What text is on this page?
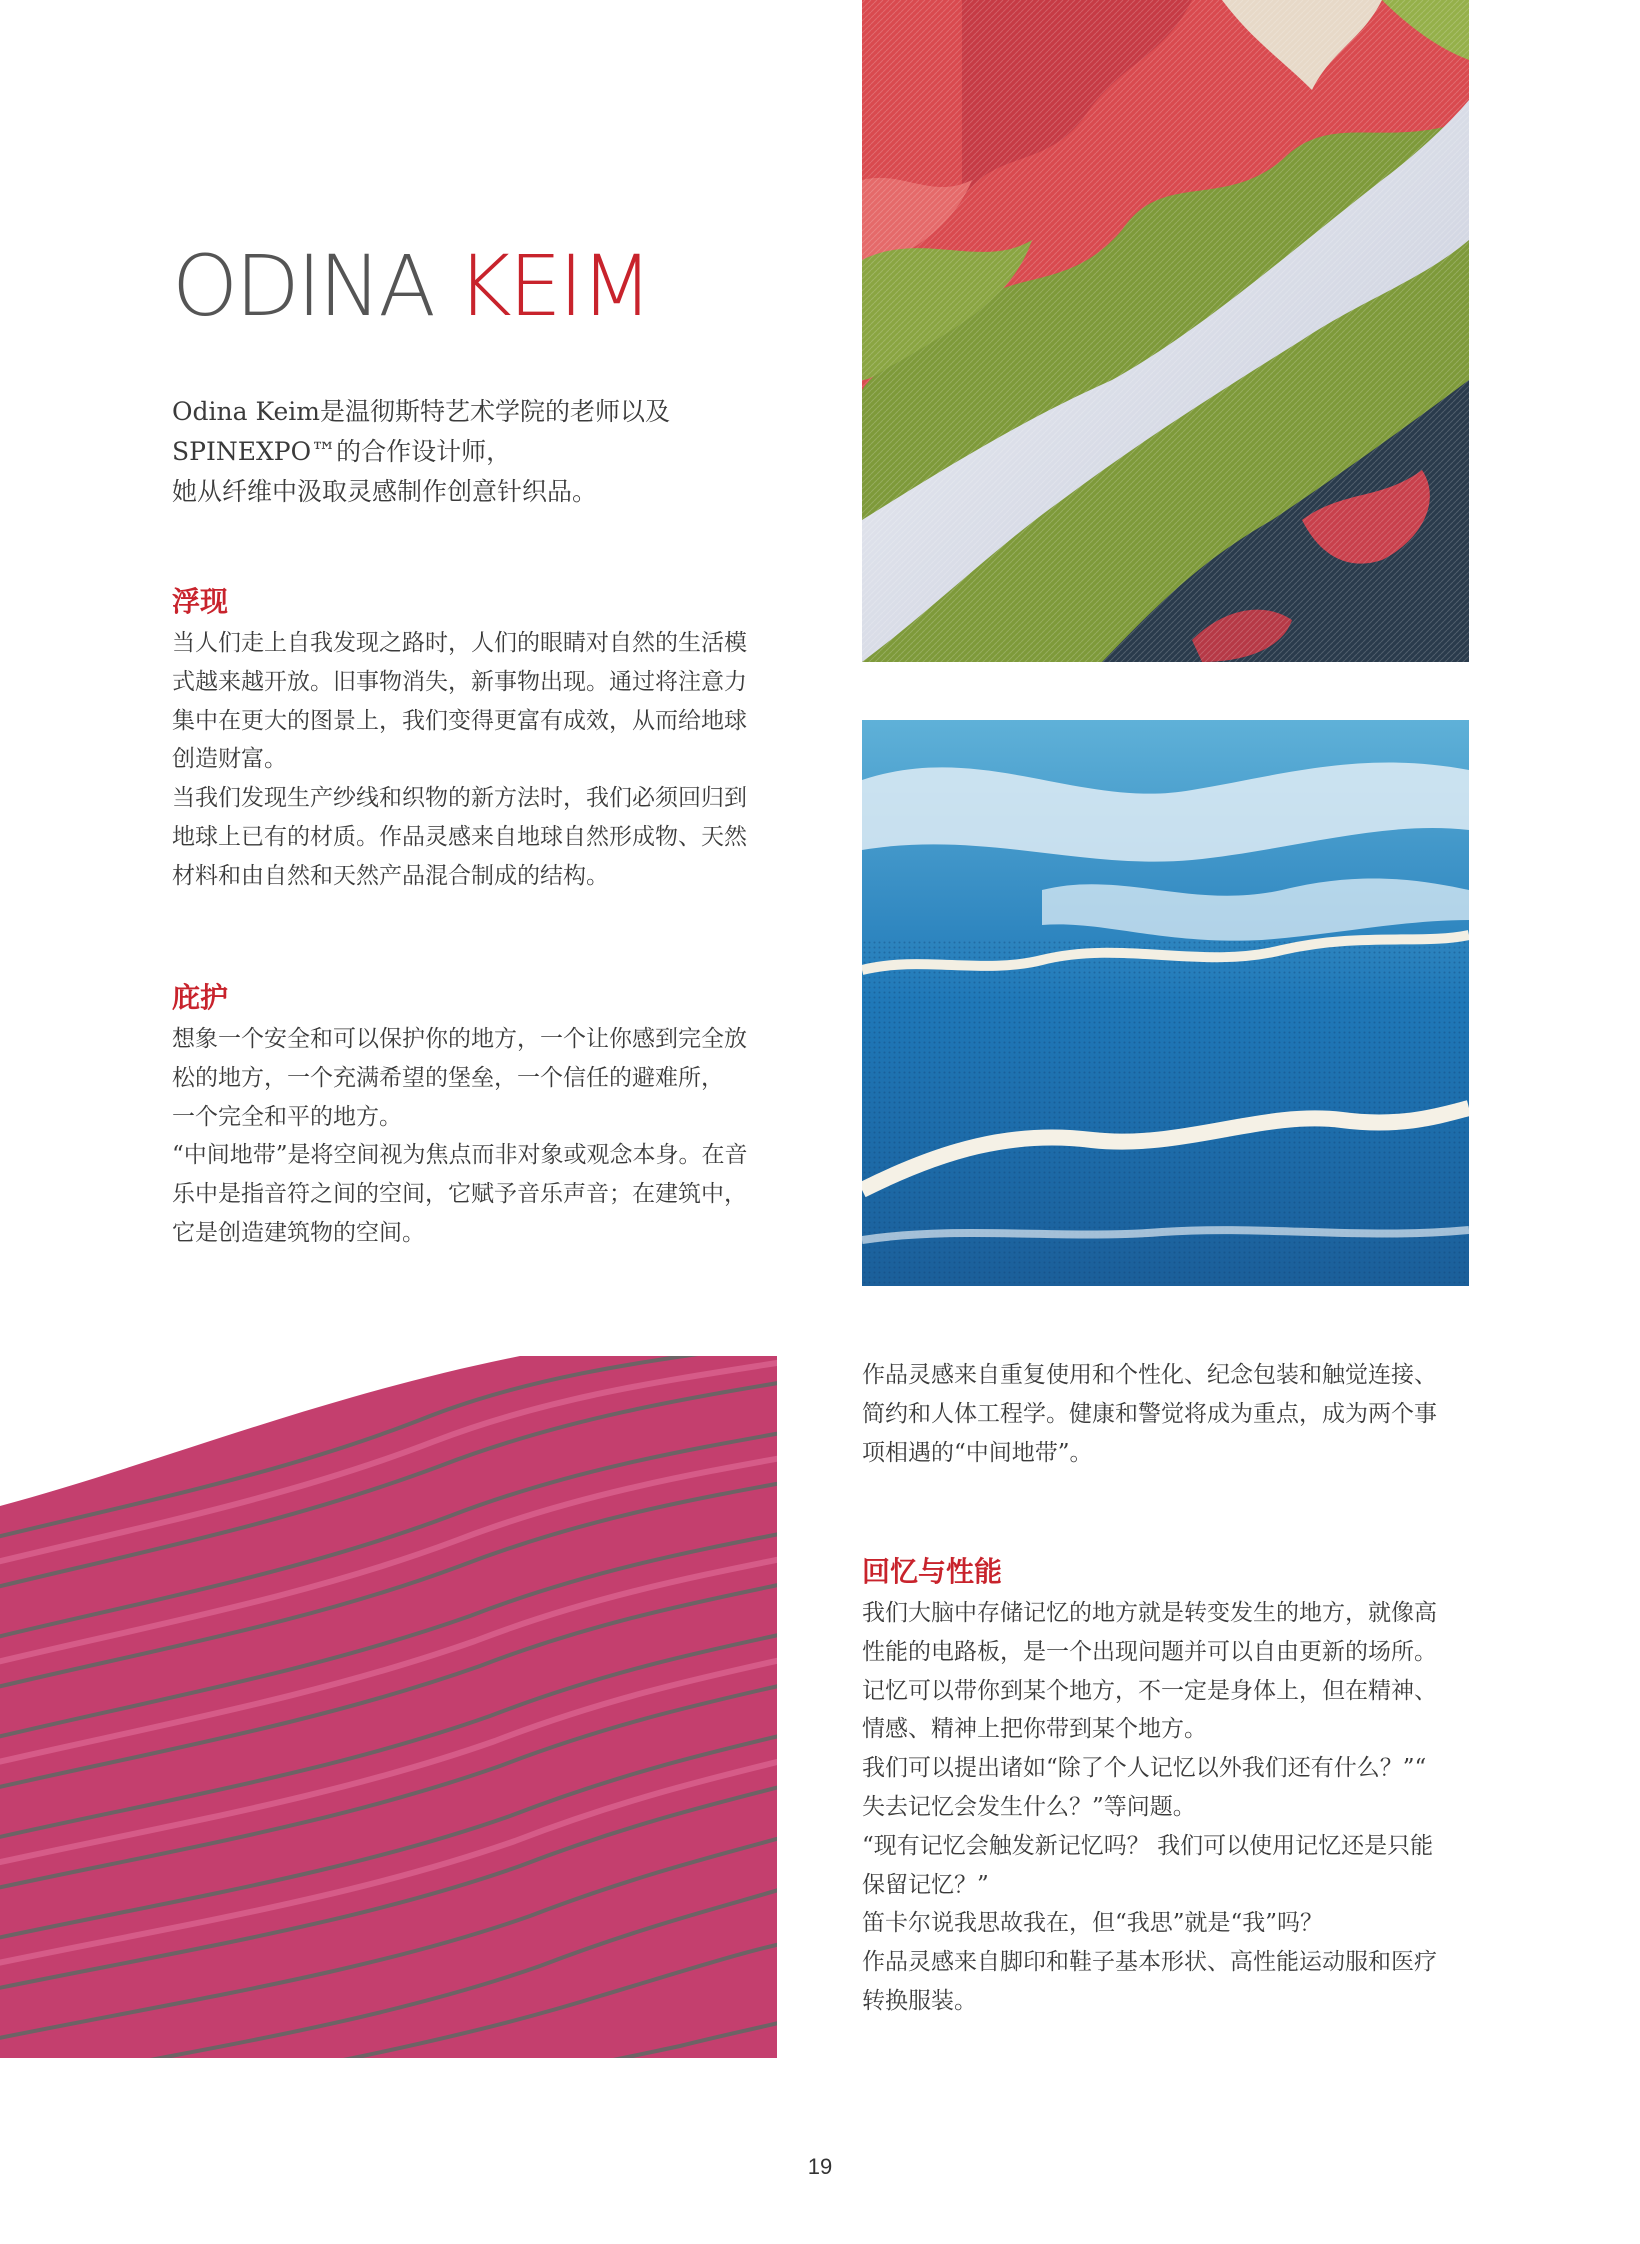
ODINA KEIM
Odina Keim是温彻斯特艺术学院的老师以及
SPINEXPO™的合作设计师，
她从纤维中汲取灵感制作创意针织品。
浮现
当人们走上自我发现之路时，人们的眼睛对自然的生活模
式越来越开放。旧事物消失，新事物出现。通过将注意力
集中在更大的图景上，我们变得更富有成效，从而给地球
创造财富。
当我们发现生产纱线和织物的新方法时，我们必须回归到
地球上已有的材质。作品灵感来自地球自然形成物、天然
材料和由自然和天然产品混合制成的结构。
庇护
想象一个安全和可以保护你的地方，一个让你感到完全放
松的地方，一个充满希望的堡垒，一个信任的避难所，
一个完全和平的地方。
“中间地带”是将空间视为焦点而非对象或观念本身。在音
乐中是指音符之间的空间，它赋予音乐声音；在建筑中，
它是创造建筑物的空间。
作品灵感来自重复使用和个性化、纪念包装和触觉连接、
简约和人体工程学。健康和警觉将成为重点，成为两个事
项相遇的“中间地带”。
回忆与性能
我们大脑中存储记忆的地方就是转变发生的地方，就像高
性能的电路板，是一个出现问题并可以自由更新的场所。
记忆可以带你到某个地方，不一定是身体上，但在精神、
情感、精神上把你带到某个地方。
我们可以提出诸如“除了个人记忆以外我们还有什么？”“
失去记忆会发生什么？”等问题。
“现有记忆会触发新记忆吗？ 我们可以使用记忆还是只能
保留记忆？”
笛卡尔说我思故我在，但“我思”就是“我”吗？
作品灵感来自脚印和鞋子基本形状、高性能运动服和医疗
转换服装。
19
